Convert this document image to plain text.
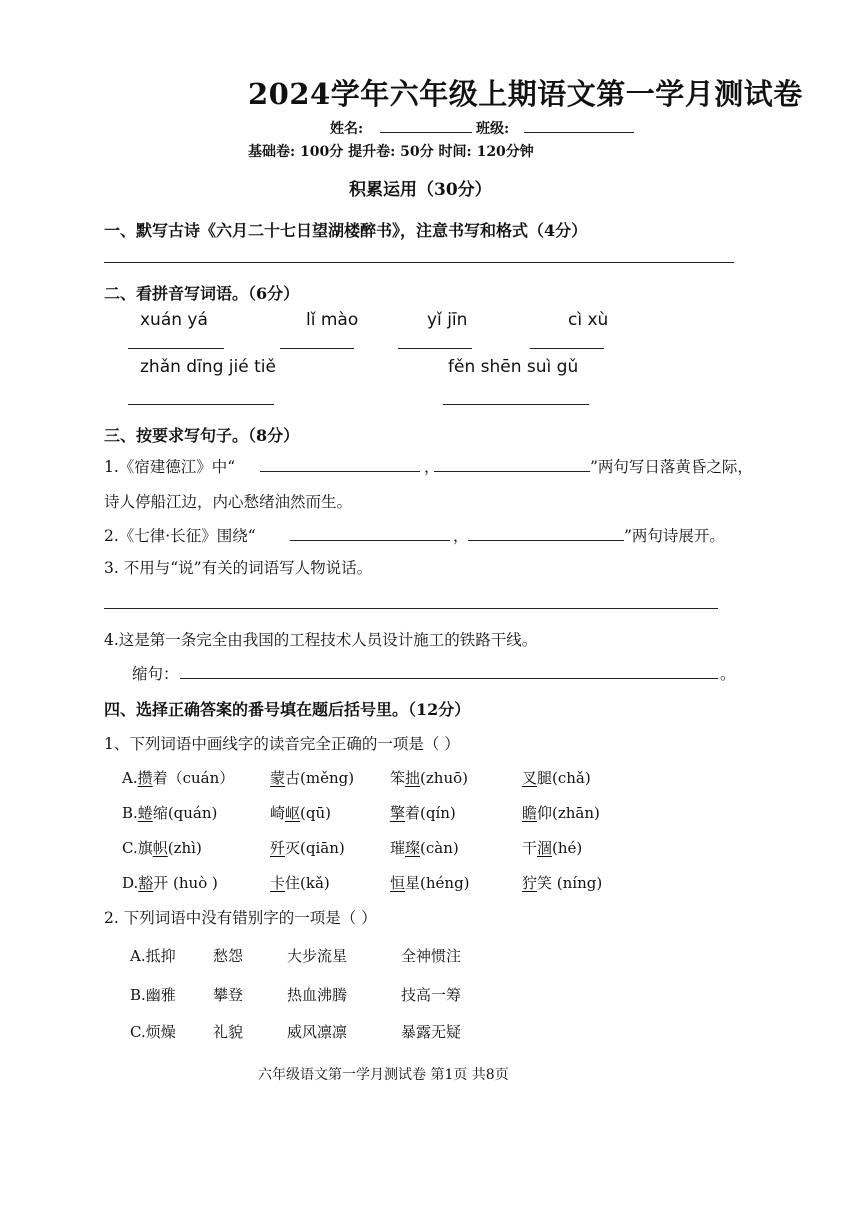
2024学年六年级上期语文第一学月测试卷
姓名:	班级:
基础卷: 100分 提升卷: 50分 时间: 120分钟
积累运用（30分）
一、默写古诗《六月二十七日望湖楼醉书》，注意书写和格式（4分）
二、看拼音写词语。（6分）
xuán yá	lǐ mào	yǐ jīn	cì xù
zhǎn dīng jié tiě	fěn shēn suì gǔ
三、按要求写句子。（8分）
1.《宿建德江》中“	，	”两句写日落黄昏之际，
诗人停船江边，内心愁绪油然而生。
2.《七律·长征》围绕“	，	”两句诗展开。
3. 不用与“说”有关的词语写人物说话。
4.这是第一条完全由我国的工程技术人员设计施工的铁路干线。
缩句：	。
四、选择正确答案的番号填在题后括号里。（12分）
1、下列词语中画线字的读音完全正确的一项是（ ）
A.攒着（cuán） 蒙古(měng) 笨拙(zhuō)	叉腿(chǎ)
B.蜷缩(quán)	崎岖(qū)	擎着(qín)	瞻仰(zhān)
C.旗帜(zhì)	歼灭(qiān)	璀璨(càn)	干涸(hé)
D.豁开 (huò )	卡住(kǎ)	恒星(héng)	狞笑 (níng)
2. 下列词语中没有错别字的一项是（ ）
A.抵抑 愁怨	大步流星	全神惯注
B.幽雅 攀登	热血沸腾	技高一筹
C.烦燥 礼貌	威风凛凛	暴露无疑
六年级语文第一学月测试卷 第1页 共8页
